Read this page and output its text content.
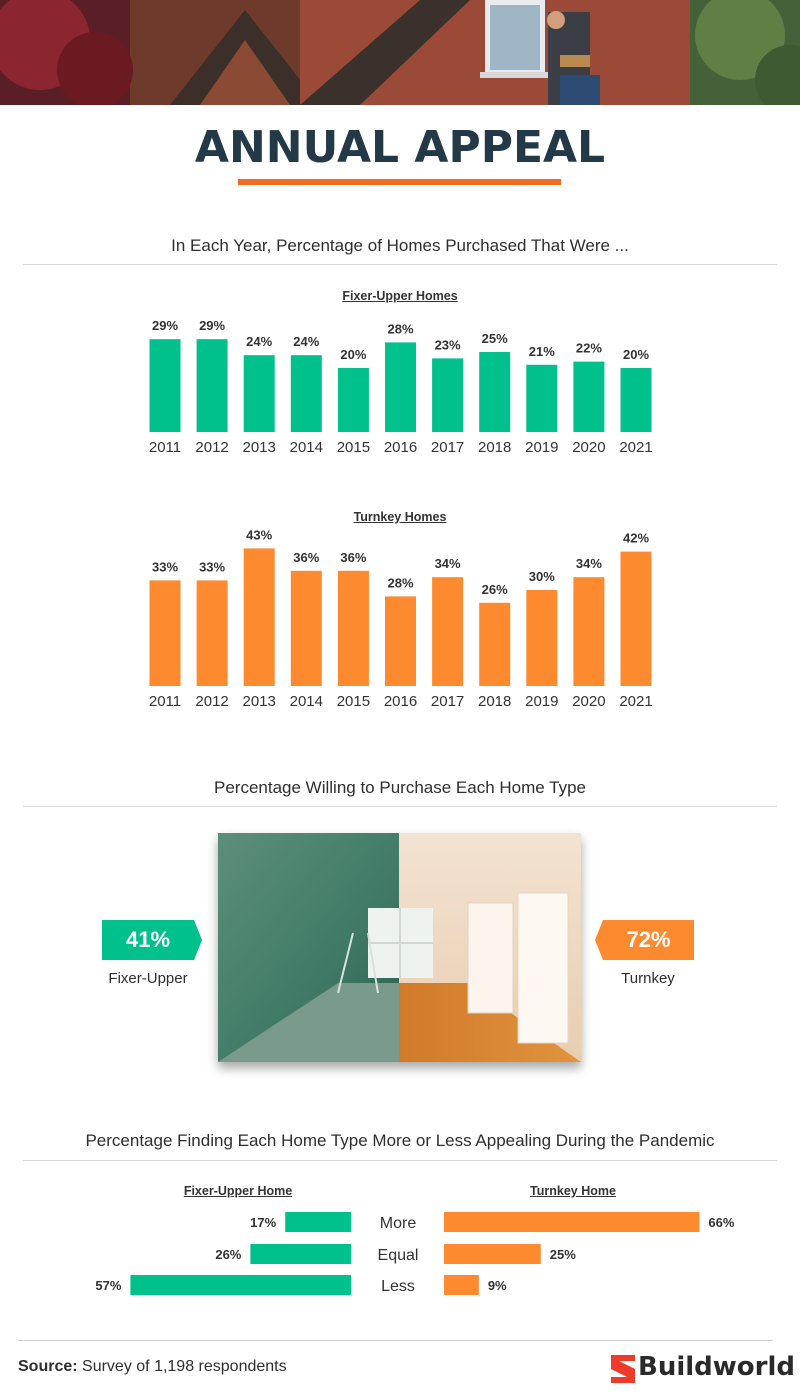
ANNUAL APPEAL
In Each Year, Percentage of Homes Purchased That Were ...
Fixer-Upper Homes
29%
2011
29%
2012
24%
2013
24%
2014
20%
2015
28%
2016
23%
2017
25%
2018
21%
2019
22%
2020
20%
2021
Turnkey Homes
33%
2011
33%
2012
43%
2013
36%
2014
36%
2015
28%
2016
34%
2017
26%
2018
30%
2019
34%
2020
42%
2021
Percentage Willing to Purchase Each Home Type
41%
Fixer-Upper
72%
Turnkey
Percentage Finding Each Home Type More or Less Appealing During the Pandemic
Fixer-Upper Home	Turnkey Home
More
17%	66%
Equal
26%	25%
Less
57%	9%
Source: Survey of 1,198 respondents	Buildworld
